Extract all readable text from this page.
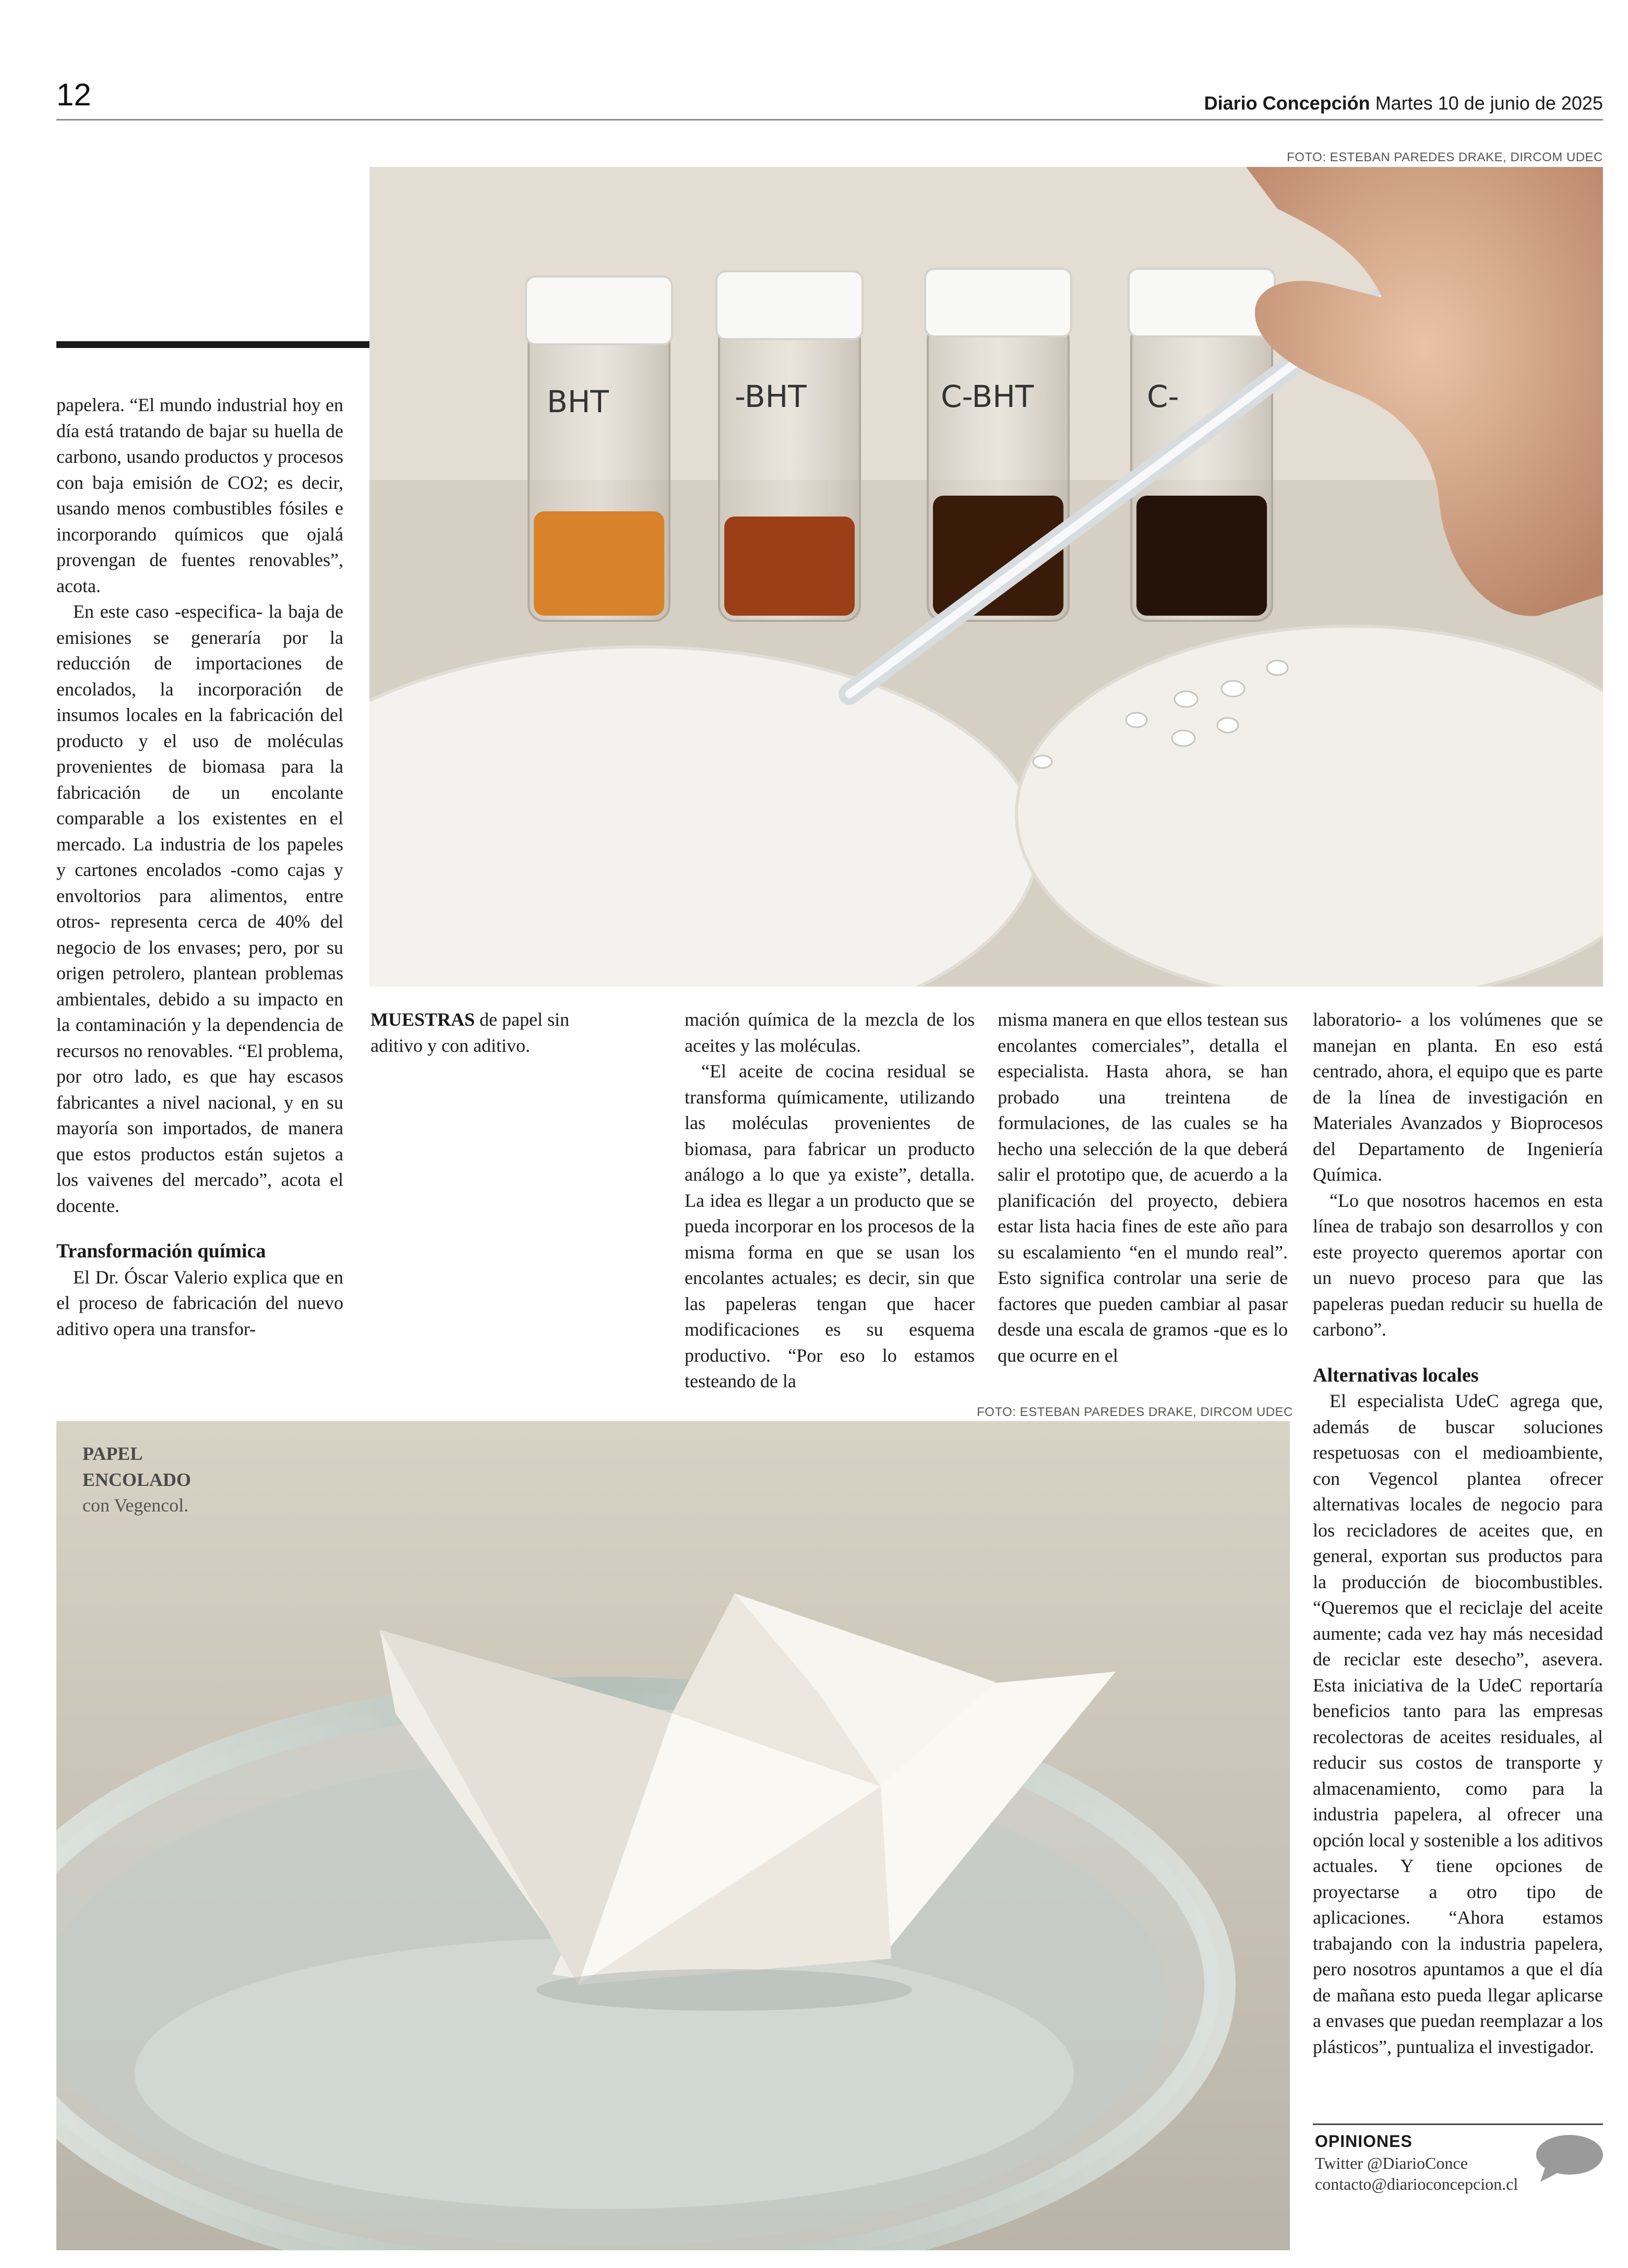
12	Diario Concepción Martes 10 de junio de 2025
FOTO: ESTEBAN PAREDES DRAKE, DIRCOM UDEC
BHT	-BHT	C-BHT	C-

papelera. “El mundo industrial hoy en día está tratando de bajar su huella de carbono, usando productos y procesos con baja emisión de CO2; es decir, usando menos combustibles fósiles e incorporando químicos que ojalá provengan de fuentes renovables”, acota.

En este caso -especifica- la baja de emisiones se generaría por la reducción de importaciones de encolados, la incorporación de insumos locales en la fabricación del producto y el uso de moléculas provenientes de biomasa para la fabricación de un encolante comparable a los existentes en el mercado. La industria de los papeles y cartones encolados -como cajas y envoltorios para alimentos, entre otros- representa cerca de 40% del negocio de los envases; pero, por su origen petrolero, plantean problemas ambientales, debido a su impacto en la contaminación y la dependencia de recursos no renovables. “El problema, por otro lado, es que hay escasos fabricantes a nivel nacional, y en su mayoría son importados, de manera que estos productos están sujetos a los vaivenes del mercado”, acota el docente.

Transformación química

El Dr. Óscar Valerio explica que en el proceso de fabricación del nuevo aditivo opera una transfor-

MUESTRAS de papel sin aditivo y con aditivo.

mación química de la mezcla de los aceites y las moléculas.

“El aceite de cocina residual se transforma químicamente, utilizando las moléculas provenientes de biomasa, para fabricar un producto análogo a lo que ya existe”, detalla. La idea es llegar a un producto que se pueda incorporar en los procesos de la misma forma en que se usan los encolantes actuales; es decir, sin que las papeleras tengan que hacer modificaciones es su esquema productivo. “Por eso lo estamos testeando de la

misma manera en que ellos testean sus encolantes comerciales”, detalla el especialista. Hasta ahora, se han probado una treintena de formulaciones, de las cuales se ha hecho una selección de la que deberá salir el prototipo que, de acuerdo a la planificación del proyecto, debiera estar lista hacia fines de este año para su escalamiento “en el mundo real”. Esto significa controlar una serie de factores que pueden cambiar al pasar desde una escala de gramos -que es lo que ocurre en el

laboratorio- a los volúmenes que se manejan en planta. En eso está centrado, ahora, el equipo que es parte de la línea de investigación en Materiales Avanzados y Bioprocesos del Departamento de Ingeniería Química.

“Lo que nosotros hacemos en esta línea de trabajo son desarrollos y con este proyecto queremos aportar con un nuevo proceso para que las papeleras puedan reducir su huella de carbono”.

Alternativas locales

El especialista UdeC agrega que, además de buscar soluciones respetuosas con el medioambiente, con Vegencol plantea ofrecer alternativas locales de negocio para los recicladores de aceites que, en general, exportan sus productos para la producción de biocombustibles. “Queremos que el reciclaje del aceite aumente; cada vez hay más necesidad de reciclar este desecho”, asevera. Esta iniciativa de la UdeC reportaría beneficios tanto para las empresas recolectoras de aceites residuales, al reducir sus costos de transporte y almacenamiento, como para la industria papelera, al ofrecer una opción local y sostenible a los aditivos actuales. Y tiene opciones de proyectarse a otro tipo de aplicaciones. “Ahora estamos trabajando con la industria papelera, pero nosotros apuntamos a que el día de mañana esto pueda llegar aplicarse a envases que puedan reemplazar a los plásticos”, puntualiza el investigador.

FOTO: ESTEBAN PAREDES DRAKE, DIRCOM UDEC
PAPEL
ENCOLADO
con Vegencol.
OPINIONES
Twitter @DiarioConce
contacto@diarioconcepcion.cl
